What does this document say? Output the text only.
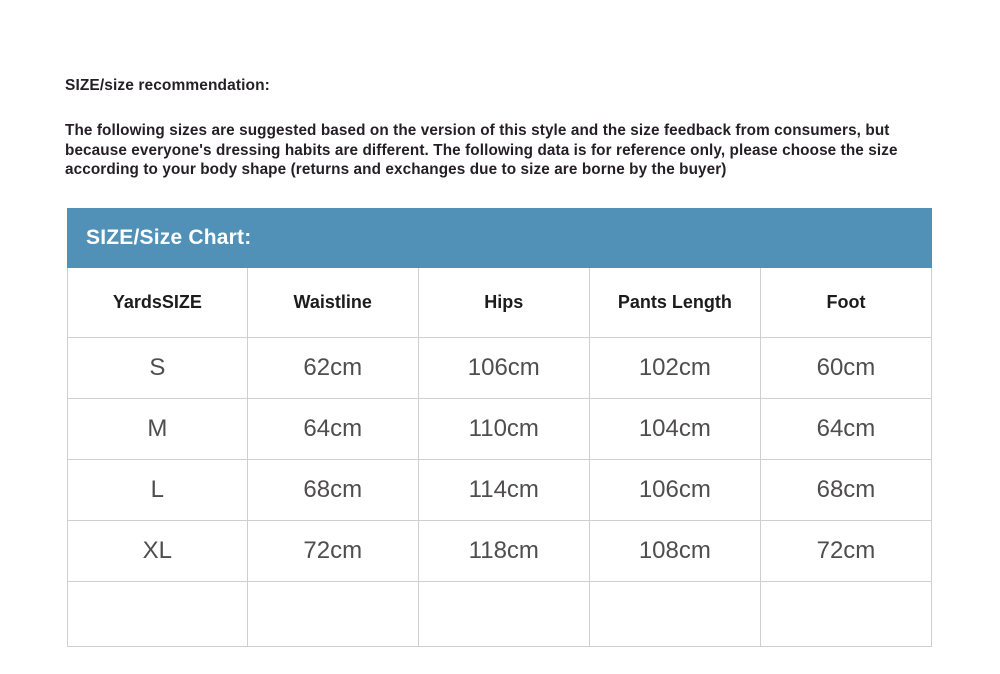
SIZE/size recommendation:

The following sizes are suggested based on the version of this style and the size feedback from consumers, but because everyone's dressing habits are different. The following data is for reference only, please choose the size according to your body shape (returns and exchanges due to size are borne by the buyer)

SIZE/Size Chart:
YardsSIZE	Waistline	Hips	Pants Length	Foot
S	62cm	106cm	102cm	60cm
M	64cm	110cm	104cm	64cm
L	68cm	114cm	106cm	68cm
XL	72cm	118cm	108cm	72cm
